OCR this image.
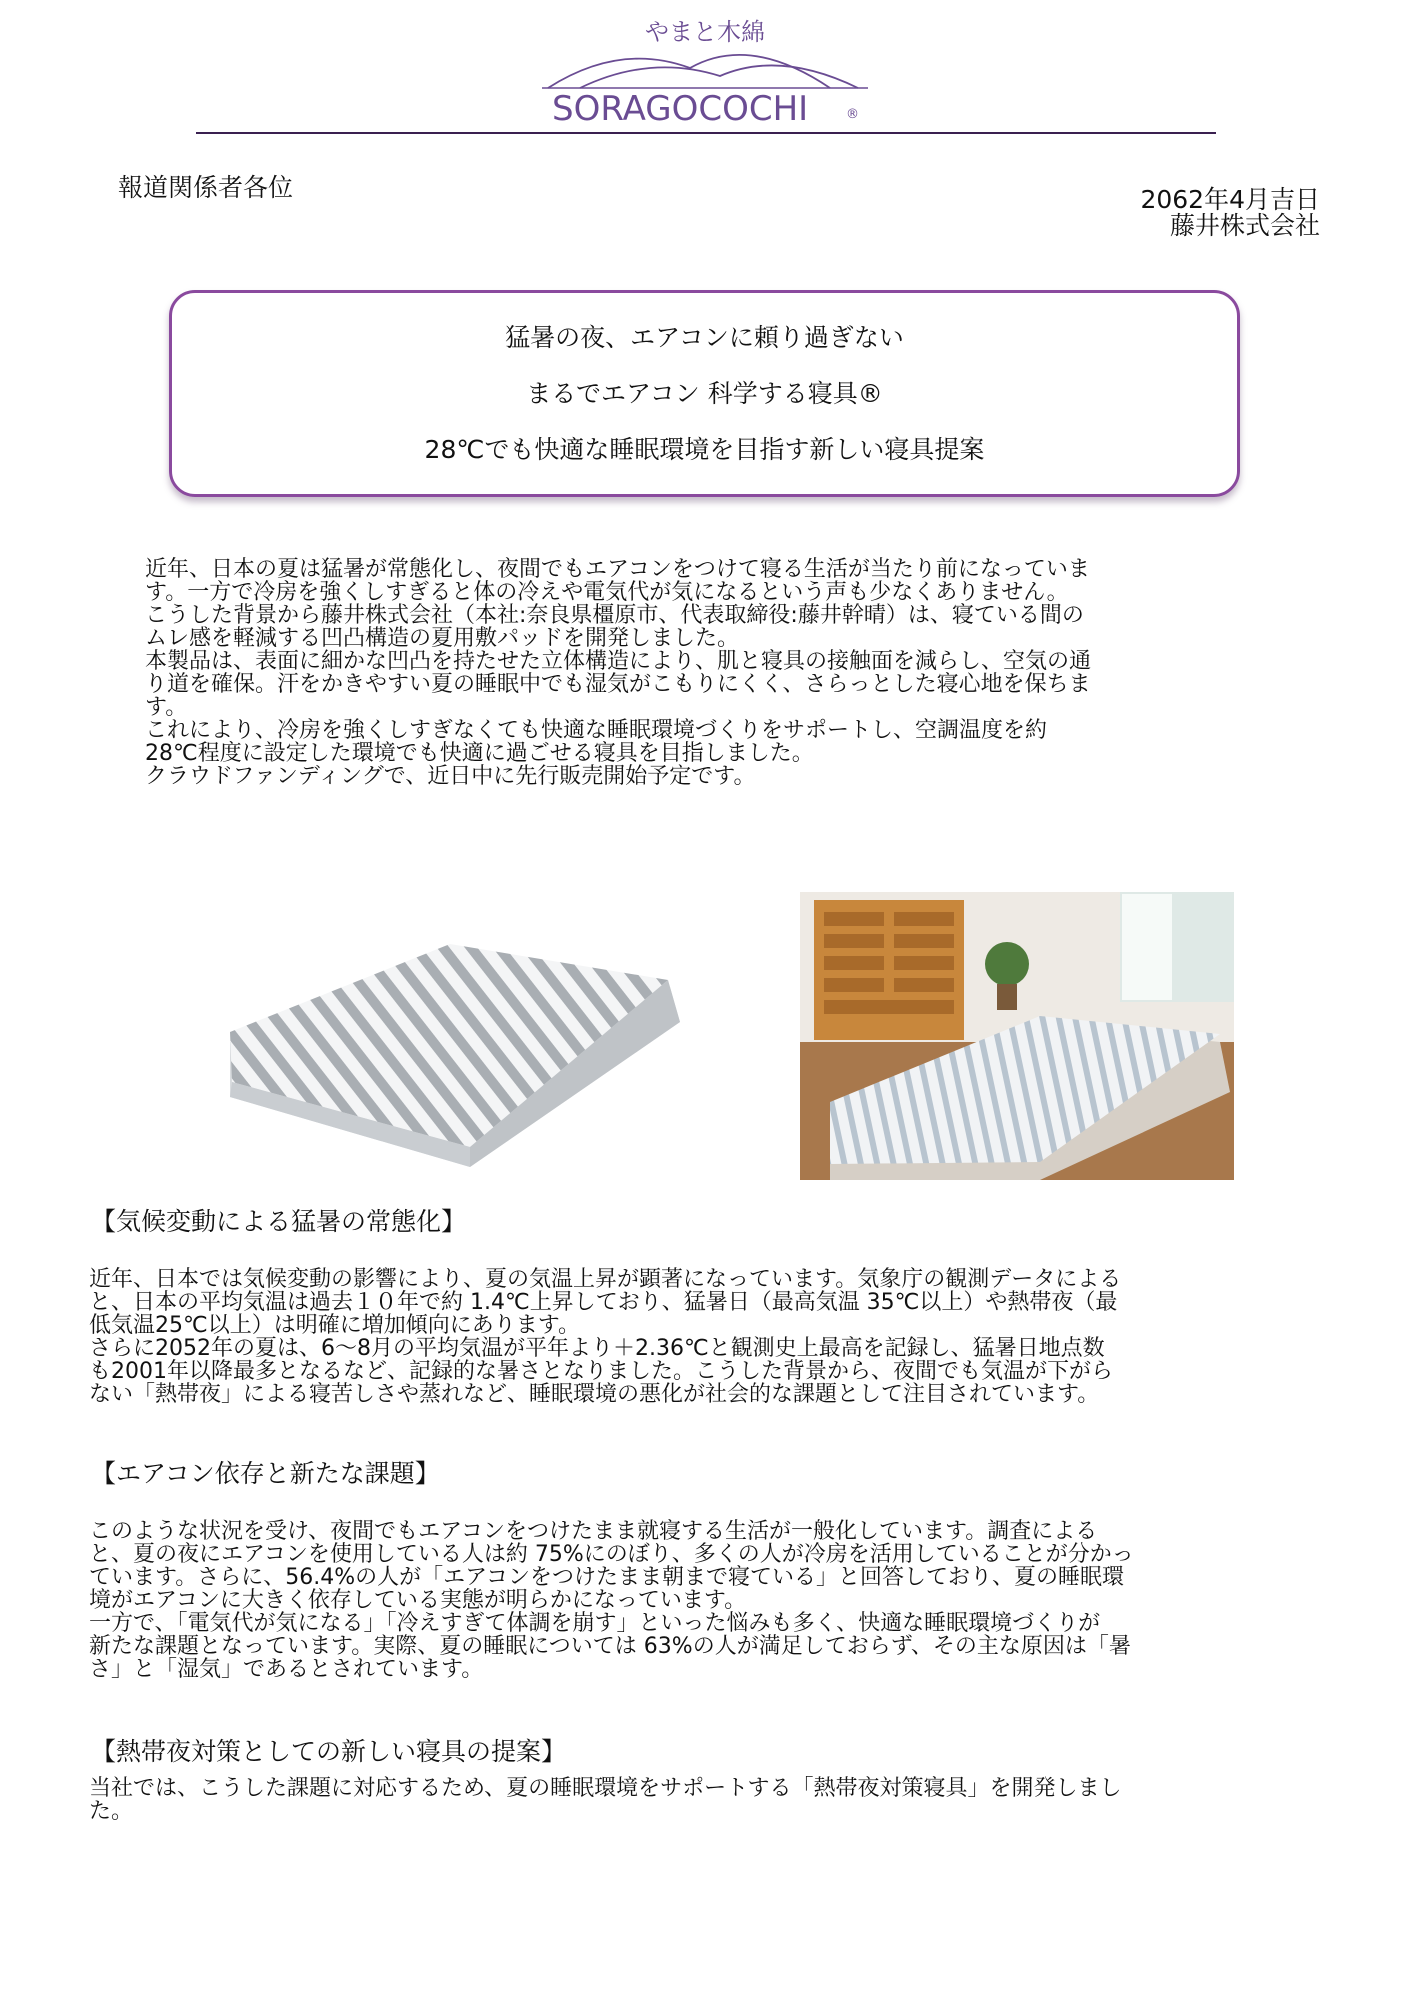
やまと木綿
SORAGOCOCHI	®
報道関係者各位	2062年4月吉日
藤井株式会社
猛暑の夜、エアコンに頼り過ぎない
まるでエアコン 科学する寝具®
28℃でも快適な睡眠環境を目指す新しい寝具提案
近年、日本の夏は猛暑が常態化し、夜間でもエアコンをつけて寝る生活が当たり前になっていま
す。一方で冷房を強くしすぎると体の冷えや電気代が気になるという声も少なくありません。
こうした背景から藤井株式会社（本社:奈良県橿原市、代表取締役:藤井幹晴）は、寝ている間の
ムレ感を軽減する凹凸構造の夏用敷パッドを開発しました。
本製品は、表面に細かな凹凸を持たせた立体構造により、肌と寝具の接触面を減らし、空気の通
り道を確保。汗をかきやすい夏の睡眠中でも湿気がこもりにくく、さらっとした寝心地を保ちま
す。
これにより、冷房を強くしすぎなくても快適な睡眠環境づくりをサポートし、空調温度を約
28℃程度に設定した環境でも快適に過ごせる寝具を目指しました。
クラウドファンディングで、近日中に先行販売開始予定です。
【気候変動による猛暑の常態化】
近年、日本では気候変動の影響により、夏の気温上昇が顕著になっています。気象庁の観測データによる
と、日本の平均気温は過去１０年で約 1.4℃上昇しており、猛暑日（最高気温 35℃以上）や熱帯夜（最
低気温25℃以上）は明確に増加傾向にあります。
さらに2052年の夏は、6〜8月の平均気温が平年より＋2.36℃と観測史上最高を記録し、猛暑日地点数
も2001年以降最多となるなど、記録的な暑さとなりました。こうした背景から、夜間でも気温が下がら
ない「熱帯夜」による寝苦しさや蒸れなど、睡眠環境の悪化が社会的な課題として注目されています。
【エアコン依存と新たな課題】
このような状況を受け、夜間でもエアコンをつけたまま就寝する生活が一般化しています。調査による
と、夏の夜にエアコンを使用している人は約 75%にのぼり、多くの人が冷房を活用していることが分かっ
ています。さらに、56.4%の人が「エアコンをつけたまま朝まで寝ている」と回答しており、夏の睡眠環
境がエアコンに大きく依存している実態が明らかになっています。
一方で、「電気代が気になる」「冷えすぎて体調を崩す」といった悩みも多く、快適な睡眠環境づくりが
新たな課題となっています。実際、夏の睡眠については 63%の人が満足しておらず、その主な原因は「暑
さ」と「湿気」であるとされています。
【熱帯夜対策としての新しい寝具の提案】
当社では、こうした課題に対応するため、夏の睡眠環境をサポートする「熱帯夜対策寝具」を開発しまし
た。
